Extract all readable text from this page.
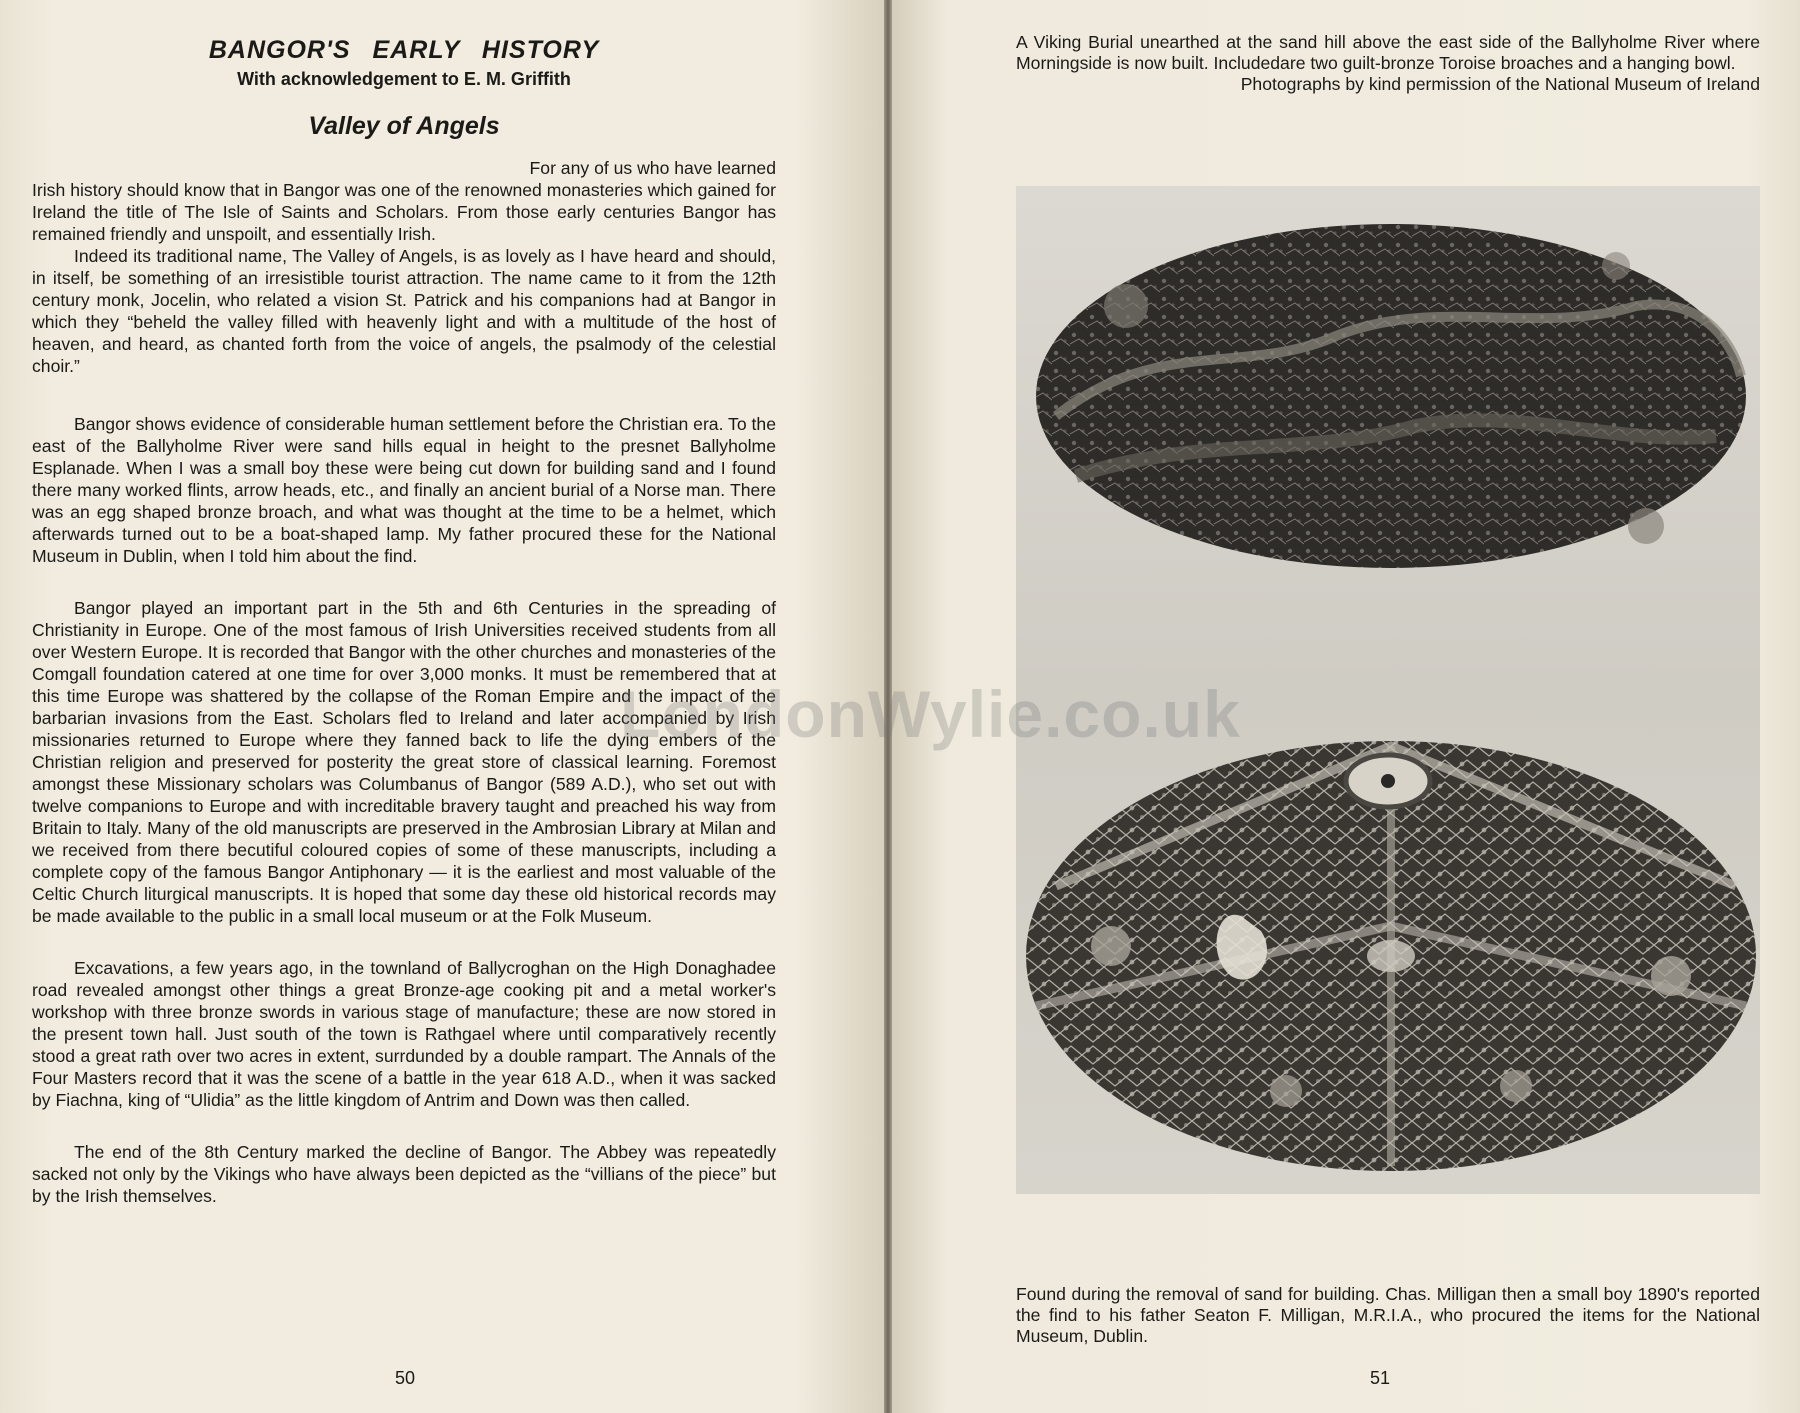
BANGOR'S EARLY HISTORY

With acknowledgement to E. M. Griffith

Valley of Angels

For any of us who have learned
Irish history should know that in Bangor was one of the renowned monasteries which gained for Ireland the title of The Isle of Saints and Scholars. From those early centuries Bangor has remained friendly and unspoilt, and essentially Irish.

Indeed its traditional name, The Valley of Angels, is as lovely as I have heard and should, in itself, be something of an irresistible tourist attraction. The name came to it from the 12th century monk, Jocelin, who related a vision St. Patrick and his companions had at Bangor in which they “beheld the valley filled with heavenly light and with a multitude of the host of heaven, and heard, as chanted forth from the voice of angels, the psalmody of the celestial choir.”

Bangor shows evidence of considerable human settlement before the Christian era. To the east of the Ballyholme River were sand hills equal in height to the presnet Ballyholme Esplanade. When I was a small boy these were being cut down for building sand and I found there many worked flints, arrow heads, etc., and finally an ancient burial of a Norse man. There was an egg shaped bronze broach, and what was thought at the time to be a helmet, which afterwards turned out to be a boat-shaped lamp. My father procured these for the National Museum in Dublin, when I told him about the find.

Bangor played an important part in the 5th and 6th Centuries in the spreading of Christianity in Europe. One of the most famous of Irish Universities received students from all over Western Europe. It is recorded that Bangor with the other churches and monasteries of the Comgall foundation catered at one time for over 3,000 monks. It must be remembered that at this time Europe was shattered by the collapse of the Roman Empire and the impact of the barbarian invasions from the East. Scholars fled to Ireland and later accompanied by Irish missionaries returned to Europe where they fanned back to life the dying embers of the Christian religion and preserved for posterity the great store of classical learning. Foremost amongst these Missionary scholars was Columbanus of Bangor (589 A.D.), who set out with twelve companions to Europe and with increditable bravery taught and preached his way from Britain to Italy. Many of the old manuscripts are preserved in the Ambrosian Library at Milan and we received from there becutiful coloured copies of some of these manuscripts, including a complete copy of the famous Bangor Antiphonary — it is the earliest and most valuable of the Celtic Church liturgical manuscripts. It is hoped that some day these old historical records may be made available to the public in a small local museum or at the Folk Museum.

Excavations, a few years ago, in the townland of Ballycroghan on the High Donaghadee road revealed amongst other things a great Bronze-age cooking pit and a metal worker's workshop with three bronze swords in various stage of manufacture; these are now stored in the present town hall. Just south of the town is Rathgael where until comparatively recently stood a great rath over two acres in extent, surrdunded by a double rampart. The Annals of the Four Masters record that it was the scene of a battle in the year 618 A.D., when it was sacked by Fiachna, king of “Ulidia” as the little kingdom of Antrim and Down was then called.

The end of the 8th Century marked the decline of Bangor. The Abbey was repeatedly sacked not only by the Vikings who have always been depicted as the “villians of the piece” but by the Irish themselves.

50

A Viking Burial unearthed at the sand hill above the east side of the Ballyholme River where Morningside is now built. Includedare two guilt-bronze Toroise broaches and a hanging bowl.

Photographs by kind permission of the National Museum of Ireland

Found during the removal of sand for building. Chas. Milligan then a small boy 1890's reported the find to his father Seaton F. Milligan, M.R.I.A., who procured the items for the National Museum, Dublin.

51
LondonWylie.co.uk
